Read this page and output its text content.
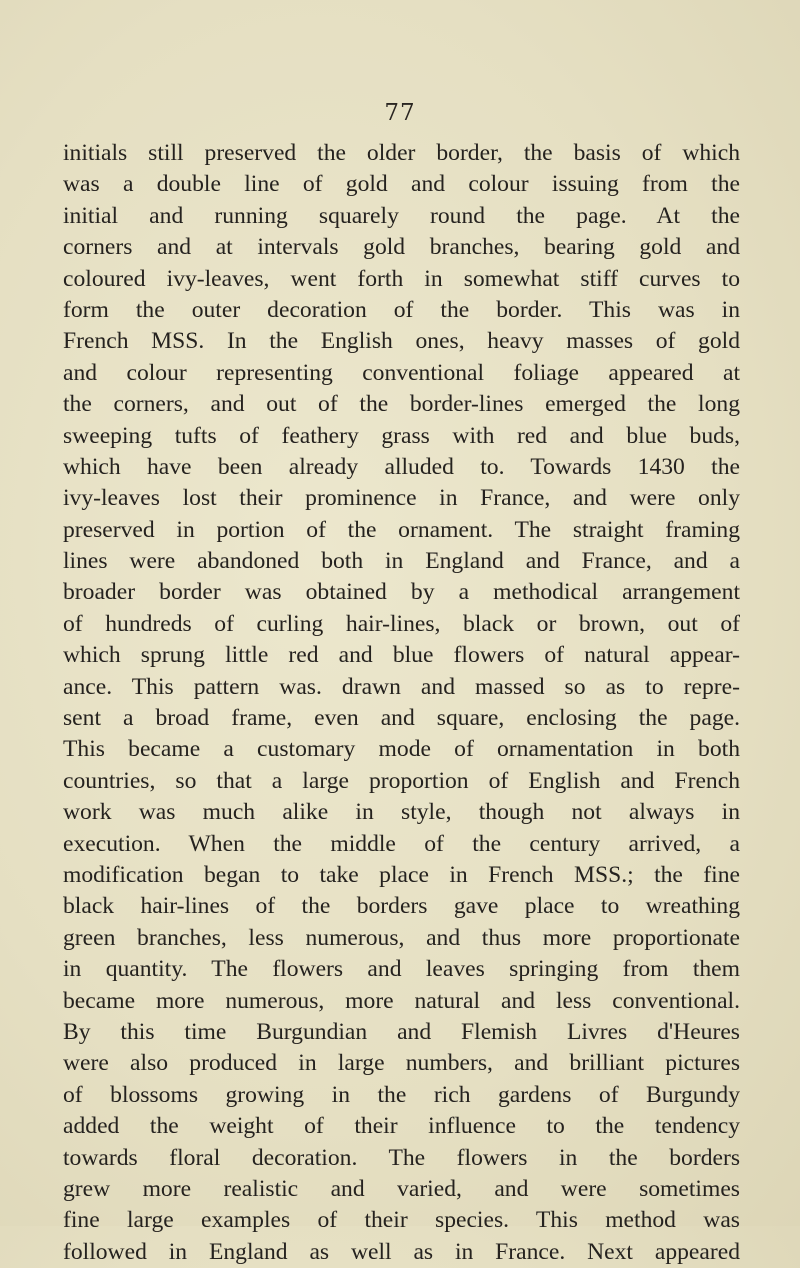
77
initials still preserved the older border, the basis of which
was a double line of gold and colour issuing from the
initial and running squarely round the page. At the
corners and at intervals gold branches, bearing gold and
coloured ivy-leaves, went forth in somewhat stiff curves to
form the outer decoration of the border. This was in
French MSS. In the English ones, heavy masses of gold
and colour representing conventional foliage appeared at
the corners, and out of the border-lines emerged the long
sweeping tufts of feathery grass with red and blue buds,
which have been already alluded to. Towards 1430 the
ivy-leaves lost their prominence in France, and were only
preserved in portion of the ornament. The straight framing
lines were abandoned both in England and France, and a
broader border was obtained by a methodical arrangement
of hundreds of curling hair-lines, black or brown, out of
which sprung little red and blue flowers of natural appear-
ance. This pattern was. drawn and massed so as to repre-
sent a broad frame, even and square, enclosing the page.
This became a customary mode of ornamentation in both
countries, so that a large proportion of English and French
work was much alike in style, though not always in
execution. When the middle of the century arrived, a
modification began to take place in French MSS.; the fine
black hair-lines of the borders gave place to wreathing
green branches, less numerous, and thus more proportionate
in quantity. The flowers and leaves springing from them
became more numerous, more natural and less conventional.
By this time Burgundian and Flemish Livres d'Heures
were also produced in large numbers, and brilliant pictures
of blossoms growing in the rich gardens of Burgundy
added the weight of their influence to the tendency
towards floral decoration. The flowers in the borders
grew more realistic and varied, and were sometimes
fine large examples of their species. This method was
followed in England as well as in France. Next appeared
